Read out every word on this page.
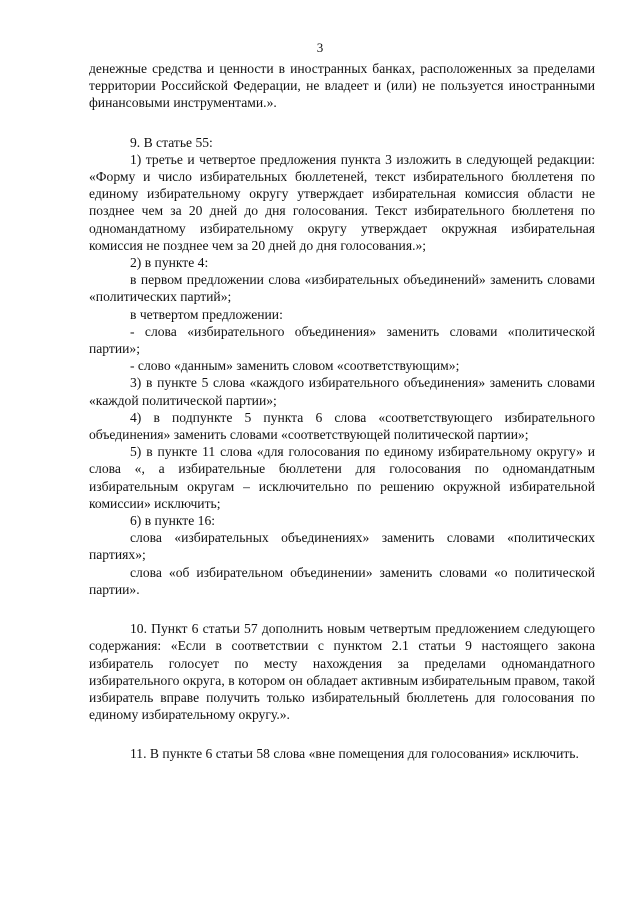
3

денежные средства и ценности в иностранных банках, расположенных за пределами территории Российской Федерации, не владеет и (или) не пользуется иностранными финансовыми инструментами.».

9. В статье 55:

1) третье и четвертое предложения пункта 3 изложить в следующей редакции: «Форму и число избирательных бюллетеней, текст избирательного бюллетеня по единому избирательному округу утверждает избирательная комиссия области не позднее чем за 20 дней до дня голосования. Текст избирательного бюллетеня по одномандатному избирательному округу утверждает окружная избирательная комиссия не позднее чем за 20 дней до дня голосования.»;

2) в пункте 4:

в первом предложении слова «избирательных объединений» заменить словами «политических партий»;

в четвертом предложении:

- слова «избирательного объединения» заменить словами «политической партии»;

- слово «данным» заменить словом «соответствующим»;

3) в пункте 5 слова «каждого избирательного объединения» заменить словами «каждой политической партии»;

4) в подпункте 5 пункта 6 слова «соответствующего избирательного объединения» заменить словами «соответствующей политической партии»;

5) в пункте 11 слова «для голосования по единому избирательному округу» и слова «, а избирательные бюллетени для голосования по одномандатным избирательным округам – исключительно по решению окружной избирательной комиссии» исключить;

6) в пункте 16:

слова «избирательных объединениях» заменить словами «политических партиях»;

слова «об избирательном объединении» заменить словами «о политической партии».

10. Пункт 6 статьи 57 дополнить новым четвертым предложением следующего содержания: «Если в соответствии с пунктом 2.1 статьи 9 настоящего закона избиратель голосует по месту нахождения за пределами одномандатного избирательного округа, в котором он обладает активным избирательным правом, такой избиратель вправе получить только избирательный бюллетень для голосования по единому избирательному округу.».

11. В пункте 6 статьи 58 слова «вне помещения для голосования» исключить.
